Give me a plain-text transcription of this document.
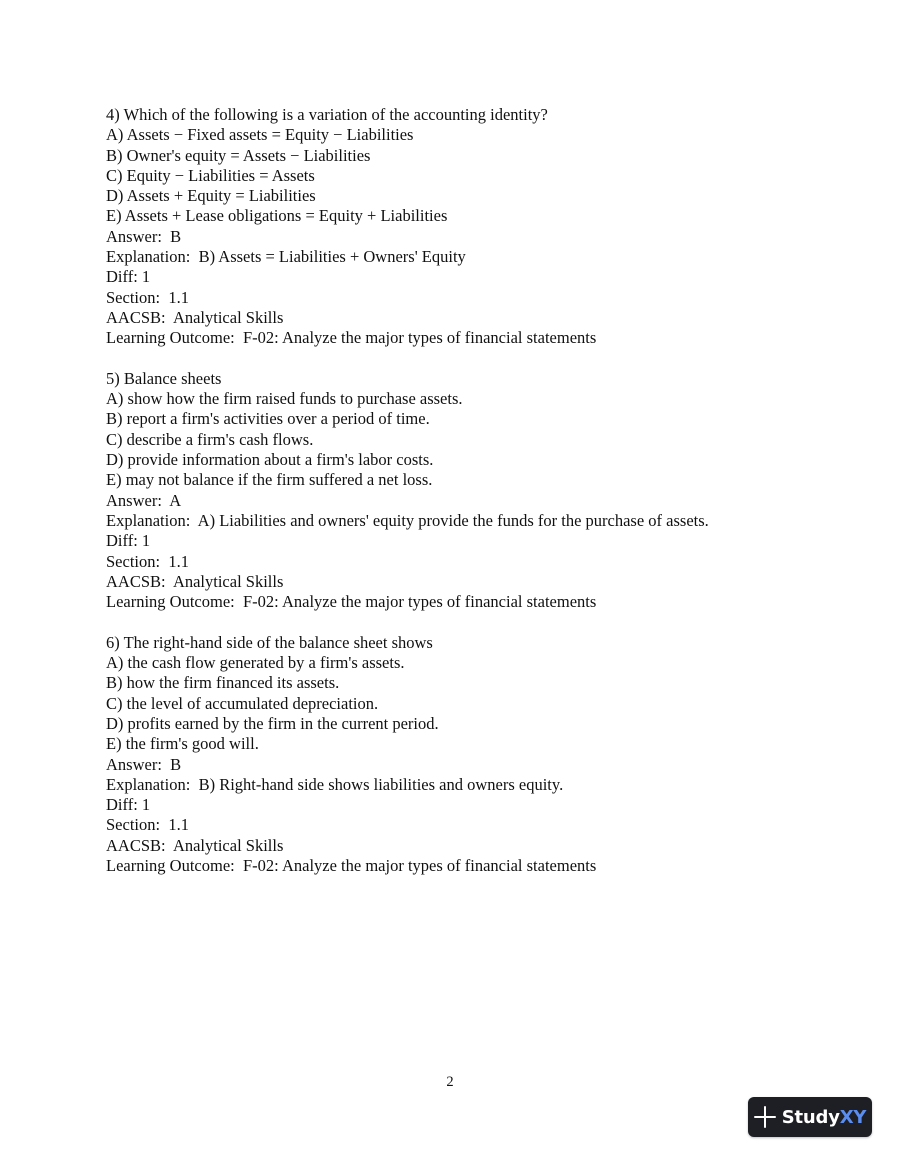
4) Which of the following is a variation of the accounting identity?
A) Assets − Fixed assets = Equity − Liabilities
B) Owner's equity = Assets − Liabilities
C) Equity − Liabilities = Assets
D) Assets + Equity = Liabilities
E) Assets + Lease obligations = Equity + Liabilities
Answer:  B
Explanation:  B) Assets = Liabilities + Owners' Equity
Diff: 1
Section:  1.1
AACSB:  Analytical Skills
Learning Outcome:  F-02: Analyze the major types of financial statements
5) Balance sheets
A) show how the firm raised funds to purchase assets.
B) report a firm's activities over a period of time.
C) describe a firm's cash flows.
D) provide information about a firm's labor costs.
E) may not balance if the firm suffered a net loss.
Answer:  A
Explanation:  A) Liabilities and owners' equity provide the funds for the purchase of assets.
Diff: 1
Section:  1.1
AACSB:  Analytical Skills
Learning Outcome:  F-02: Analyze the major types of financial statements
6) The right-hand side of the balance sheet shows
A) the cash flow generated by a firm's assets.
B) how the firm financed its assets.
C) the level of accumulated depreciation.
D) profits earned by the firm in the current period.
E) the firm's good will.
Answer:  B
Explanation:  B) Right-hand side shows liabilities and owners equity.
Diff: 1
Section:  1.1
AACSB:  Analytical Skills
Learning Outcome:  F-02: Analyze the major types of financial statements
2
StudyXY
